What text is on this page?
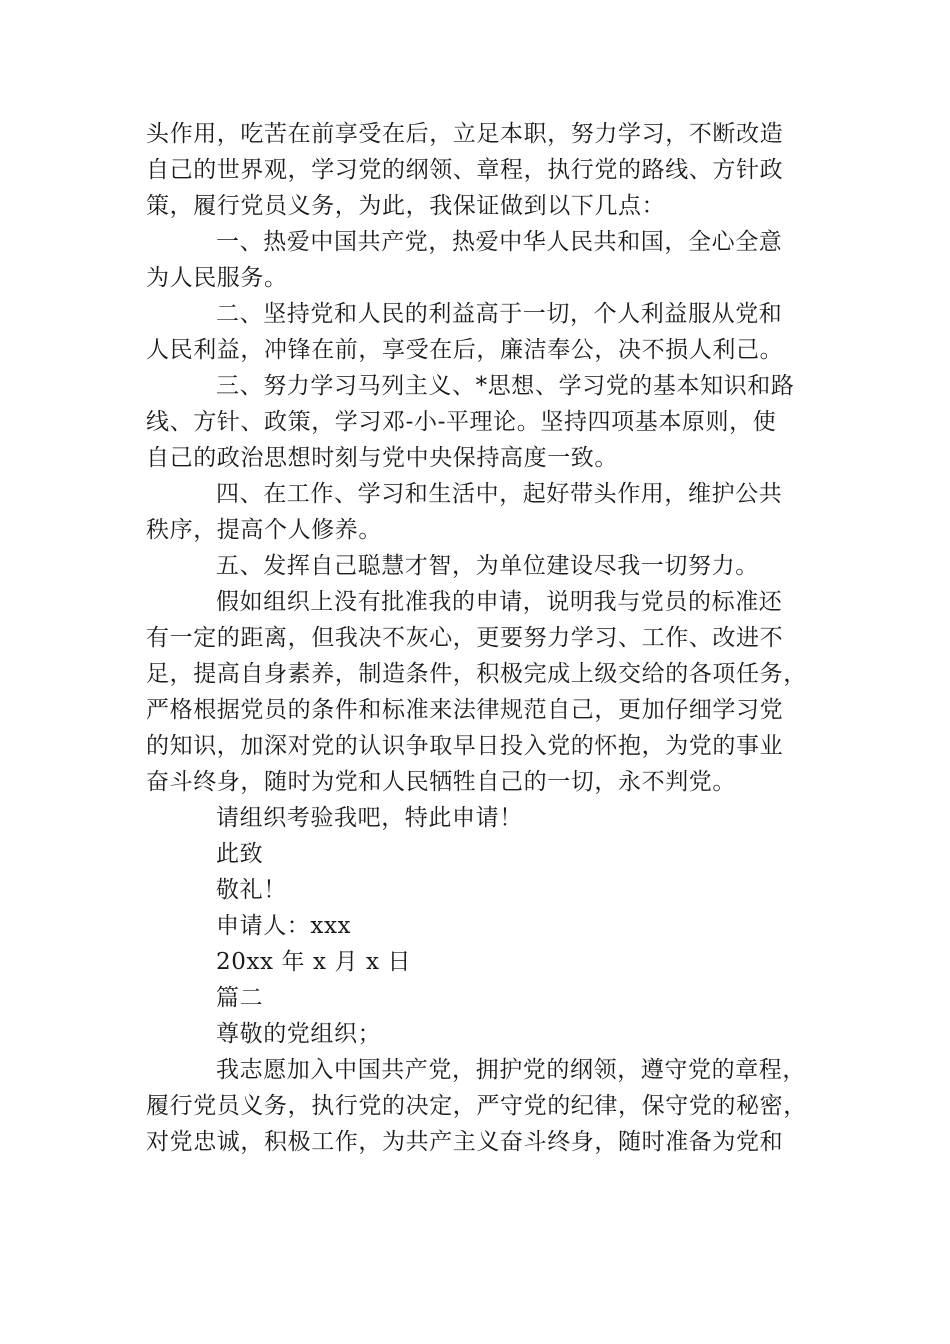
头作用，吃苦在前享受在后，立足本职，努力学习，不断改造
自己的世界观，学习党的纲领、章程，执行党的路线、方针政
策，履行党员义务，为此，我保证做到以下几点：
一、热爱中国共产党，热爱中华人民共和国，全心全意
为人民服务。
二、坚持党和人民的利益高于一切，个人利益服从党和
人民利益，冲锋在前，享受在后，廉洁奉公，决不损人利己。
三、努力学习马列主义、*思想、学习党的基本知识和路
线、方针、政策，学习邓-小-平理论。坚持四项基本原则，使
自己的政治思想时刻与党中央保持高度一致。
四、在工作、学习和生活中，起好带头作用，维护公共
秩序，提高个人修养。
五、发挥自己聪慧才智，为单位建设尽我一切努力。
假如组织上没有批准我的申请，说明我与党员的标准还
有一定的距离，但我决不灰心，更要努力学习、工作、改进不
足，提高自身素养，制造条件，积极完成上级交给的各项任务，
严格根据党员的条件和标准来法律规范自己，更加仔细学习党
的知识，加深对党的认识争取早日投入党的怀抱，为党的事业
奋斗终身，随时为党和人民牺牲自己的一切，永不判党。
请组织考验我吧，特此申请！
此致
敬礼！
申请人：xxx
20xx 年 x 月 x 日
篇二
尊敬的党组织；
我志愿加入中国共产党，拥护党的纲领，遵守党的章程，
履行党员义务，执行党的决定，严守党的纪律，保守党的秘密，
对党忠诚，积极工作，为共产主义奋斗终身，随时准备为党和
